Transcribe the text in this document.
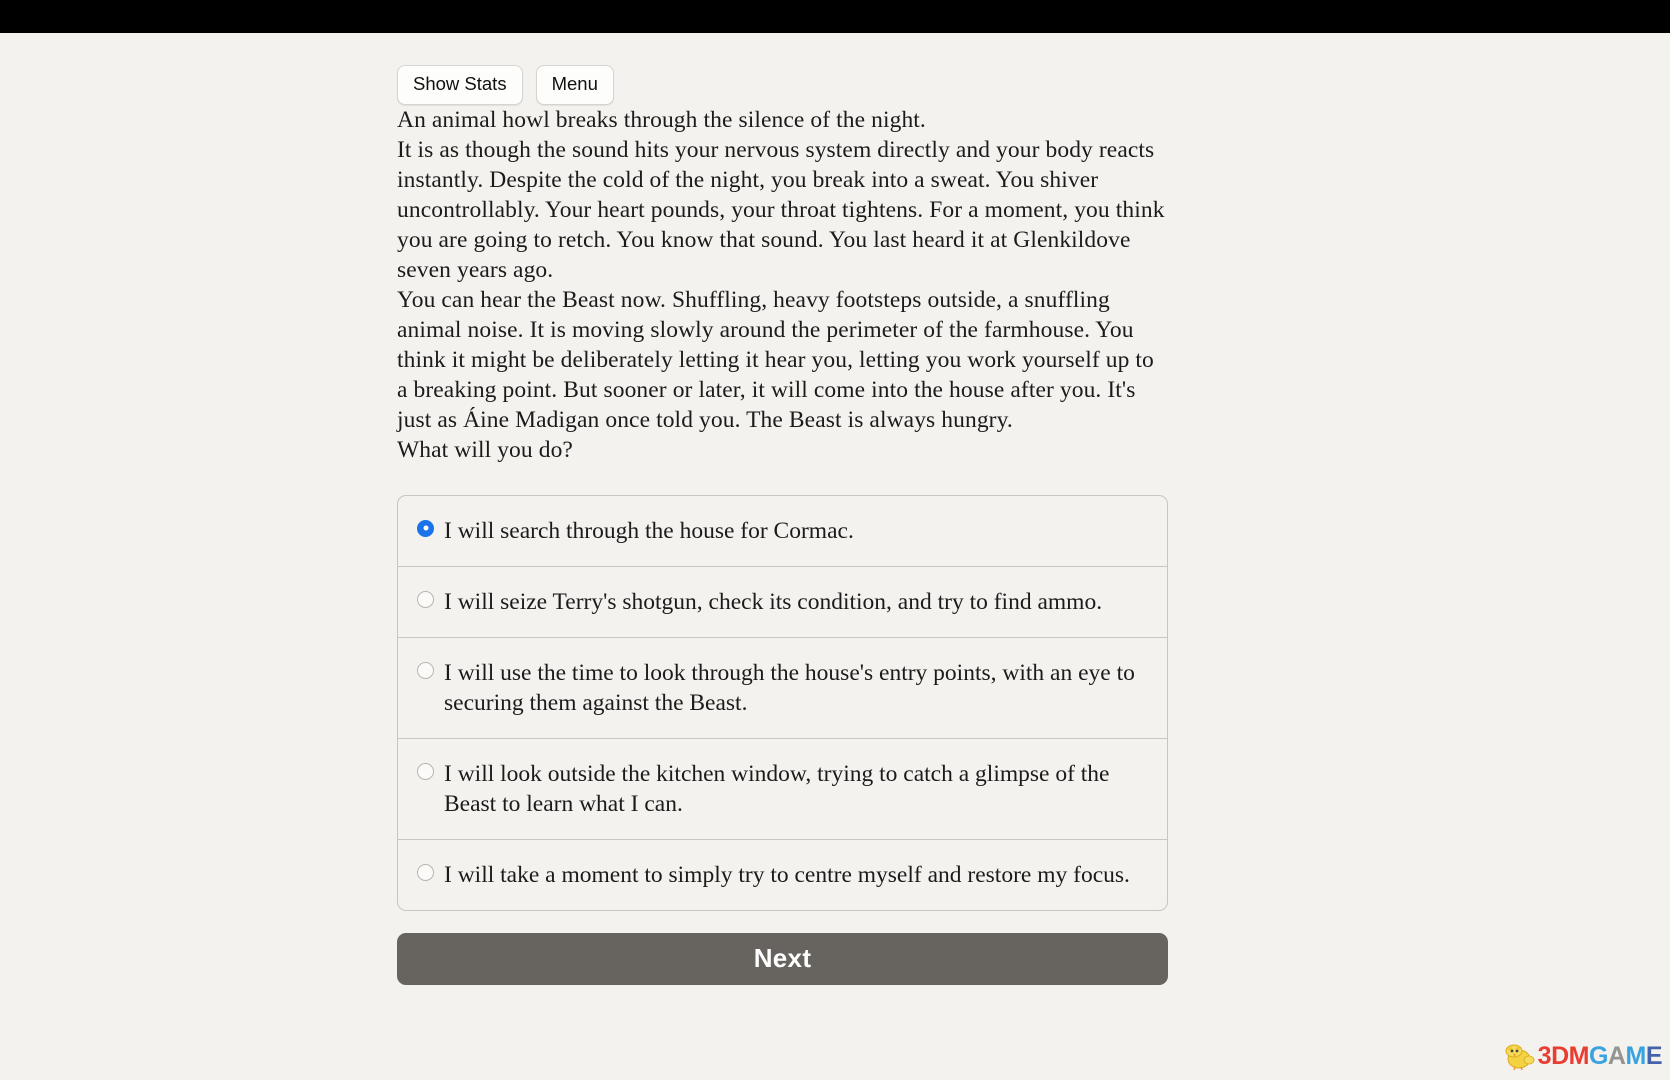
Show Stats	Menu

An animal howl breaks through the silence of the night.

It is as though the sound hits your nervous system directly and your body reacts instantly. Despite the cold of the night, you break into a sweat. You shiver uncontrollably. Your heart pounds, your throat tightens. For a moment, you think you are going to retch. You know that sound. You last heard it at Glenkildove seven years ago.

You can hear the Beast now. Shuffling, heavy footsteps outside, a snuffling animal noise. It is moving slowly around the perimeter of the farmhouse. You think it might be deliberately letting it hear you, letting you work yourself up to a breaking point. But sooner or later, it will come into the house after you. It's just as Áine Madigan once told you. The Beast is always hungry.

What will you do?

I will search through the house for Cormac.
I will seize Terry's shotgun, check its condition, and try to find ammo.
I will use the time to look through the house's entry points, with an eye to securing them against the Beast.
I will look outside the kitchen window, trying to catch a glimpse of the Beast to learn what I can.
I will take a moment to simply try to centre myself and restore my focus.
Next
3DMGAME
